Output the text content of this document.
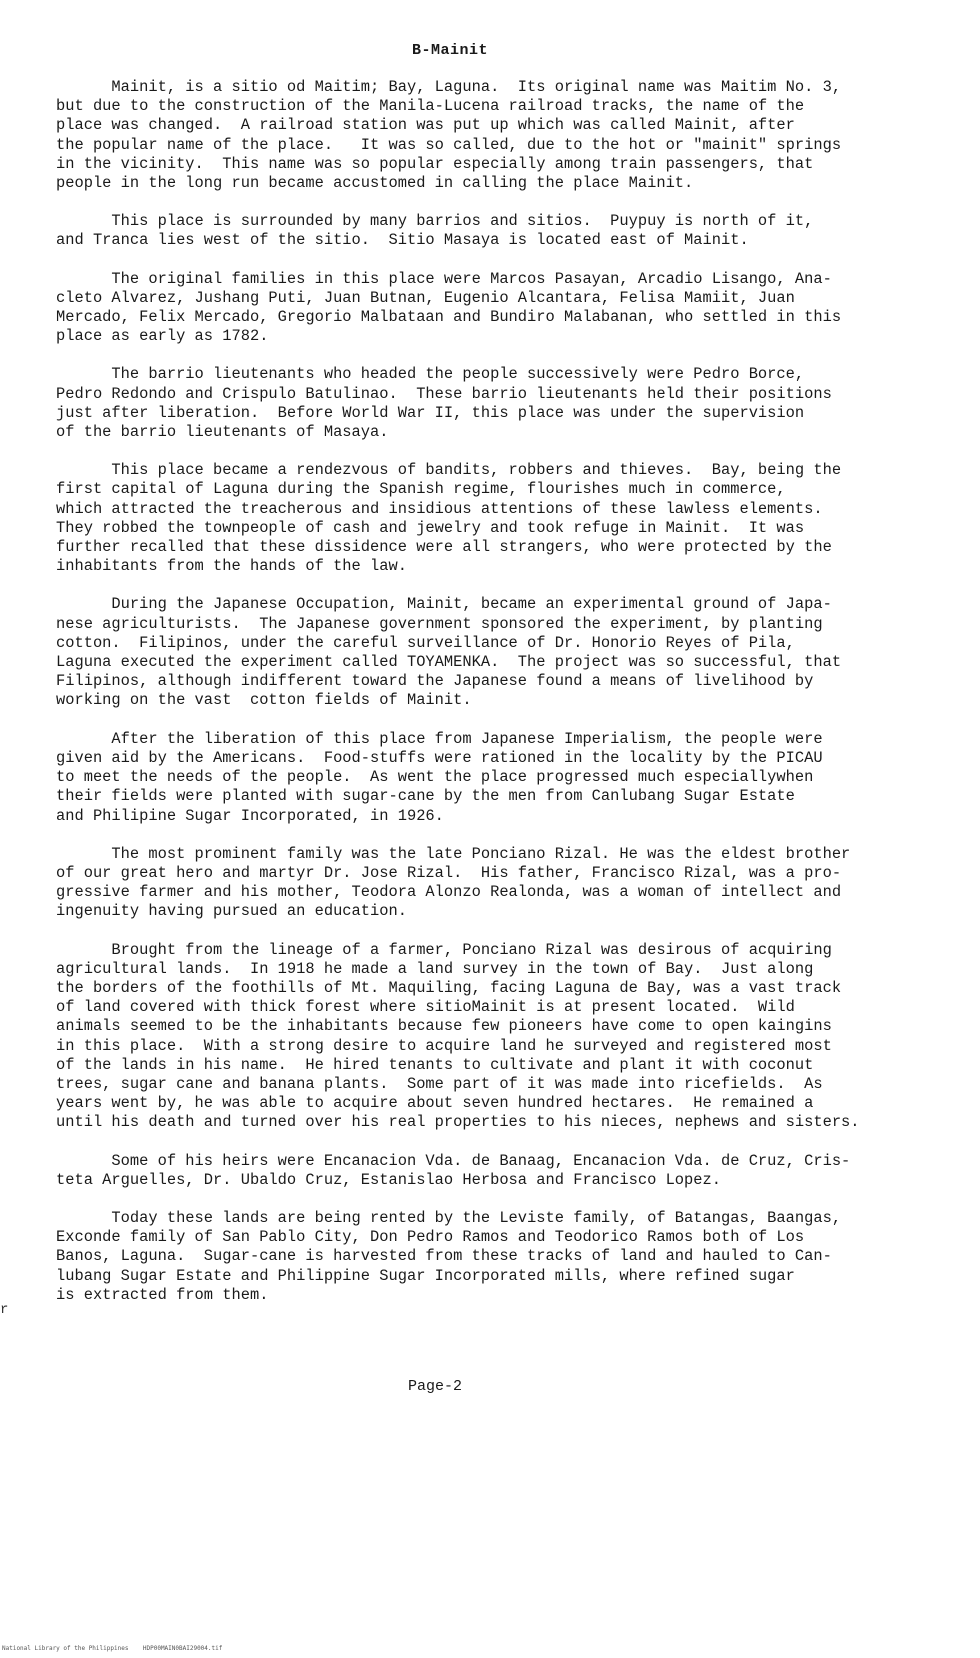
B-Mainit
Mainit, is a sitio od Maitim; Bay, Laguna.  Its original name was Maitim No. 3,
but due to the construction of the Manila-Lucena railroad tracks, the name of the
place was changed.  A railroad station was put up which was called Mainit, after
the popular name of the place.   It was so called, due to the hot or "mainit" springs
in the vicinity.  This name was so popular especially among train passengers, that
people in the long run became accustomed in calling the place Mainit.
This place is surrounded by many barrios and sitios.  Puypuy is north of it,
and Tranca lies west of the sitio.  Sitio Masaya is located east of Mainit.
The original families in this place were Marcos Pasayan, Arcadio Lisango, Ana-
cleto Alvarez, Jushang Puti, Juan Butnan, Eugenio Alcantara, Felisa Mamiit, Juan
Mercado, Felix Mercado, Gregorio Malbataan and Bundiro Malabanan, who settled in this
place as early as 1782.
The barrio lieutenants who headed the people successively were Pedro Borce,
Pedro Redondo and Crispulo Batulinao.  These barrio lieutenants held their positions
just after liberation.  Before World War II, this place was under the supervision
of the barrio lieutenants of Masaya.
This place became a rendezvous of bandits, robbers and thieves.  Bay, being the
first capital of Laguna during the Spanish regime, flourishes much in commerce,
which attracted the treacherous and insidious attentions of these lawless elements.
They robbed the townpeople of cash and jewelry and took refuge in Mainit.  It was
further recalled that these dissidence were all strangers, who were protected by the
inhabitants from the hands of the law.
During the Japanese Occupation, Mainit, became an experimental ground of Japa-
nese agriculturists.  The Japanese government sponsored the experiment, by planting
cotton.  Filipinos, under the careful surveillance of Dr. Honorio Reyes of Pila,
Laguna executed the experiment called TOYAMENKA.  The project was so successful, that
Filipinos, although indifferent toward the Japanese found a means of livelihood by
working on the vast  cotton fields of Mainit.
After the liberation of this place from Japanese Imperialism, the people were
given aid by the Americans.  Food-stuffs were rationed in the locality by the PICAU
to meet the needs of the people.  As went the place progressed much especiallywhen
their fields were planted with sugar-cane by the men from Canlubang Sugar Estate
and Philipine Sugar Incorporated, in 1926.
The most prominent family was the late Ponciano Rizal. He was the eldest brother
of our great hero and martyr Dr. Jose Rizal.  His father, Francisco Rizal, was a pro-
gressive farmer and his mother, Teodora Alonzo Realonda, was a woman of intellect and
ingenuity having pursued an education.
Brought from the lineage of a farmer, Ponciano Rizal was desirous of acquiring
agricultural lands.  In 1918 he made a land survey in the town of Bay.  Just along
the borders of the foothills of Mt. Maquiling, facing Laguna de Bay, was a vast track
of land covered with thick forest where sitioMainit is at present located.  Wild
animals seemed to be the inhabitants because few pioneers have come to open kaingins
in this place.  With a strong desire to acquire land he surveyed and registered most
of the lands in his name.  He hired tenants to cultivate and plant it with coconut
trees, sugar cane and banana plants.  Some part of it was made into ricefields.  As
years went by, he was able to acquire about seven hundred hectares.  He remained a
until his death and turned over his real properties to his nieces, nephews and sisters.
Some of his heirs were Encanacion Vda. de Banaag, Encanacion Vda. de Cruz, Cris-
teta Arguelles, Dr. Ubaldo Cruz, Estanislao Herbosa and Francisco Lopez.
Today these lands are being rented by the Leviste family, of Batangas, Baangas,
Exconde family of San Pablo City, Don Pedro Ramos and Teodorico Ramos both of Los
Banos, Laguna.  Sugar-cane is harvested from these tracks of land and hauled to Can-
lubang Sugar Estate and Philippine Sugar Incorporated mills, where refined sugar
is extracted from them.
Page-2
National Library of the Philippines    HDP00MAIN0BAI29004.tif
r
